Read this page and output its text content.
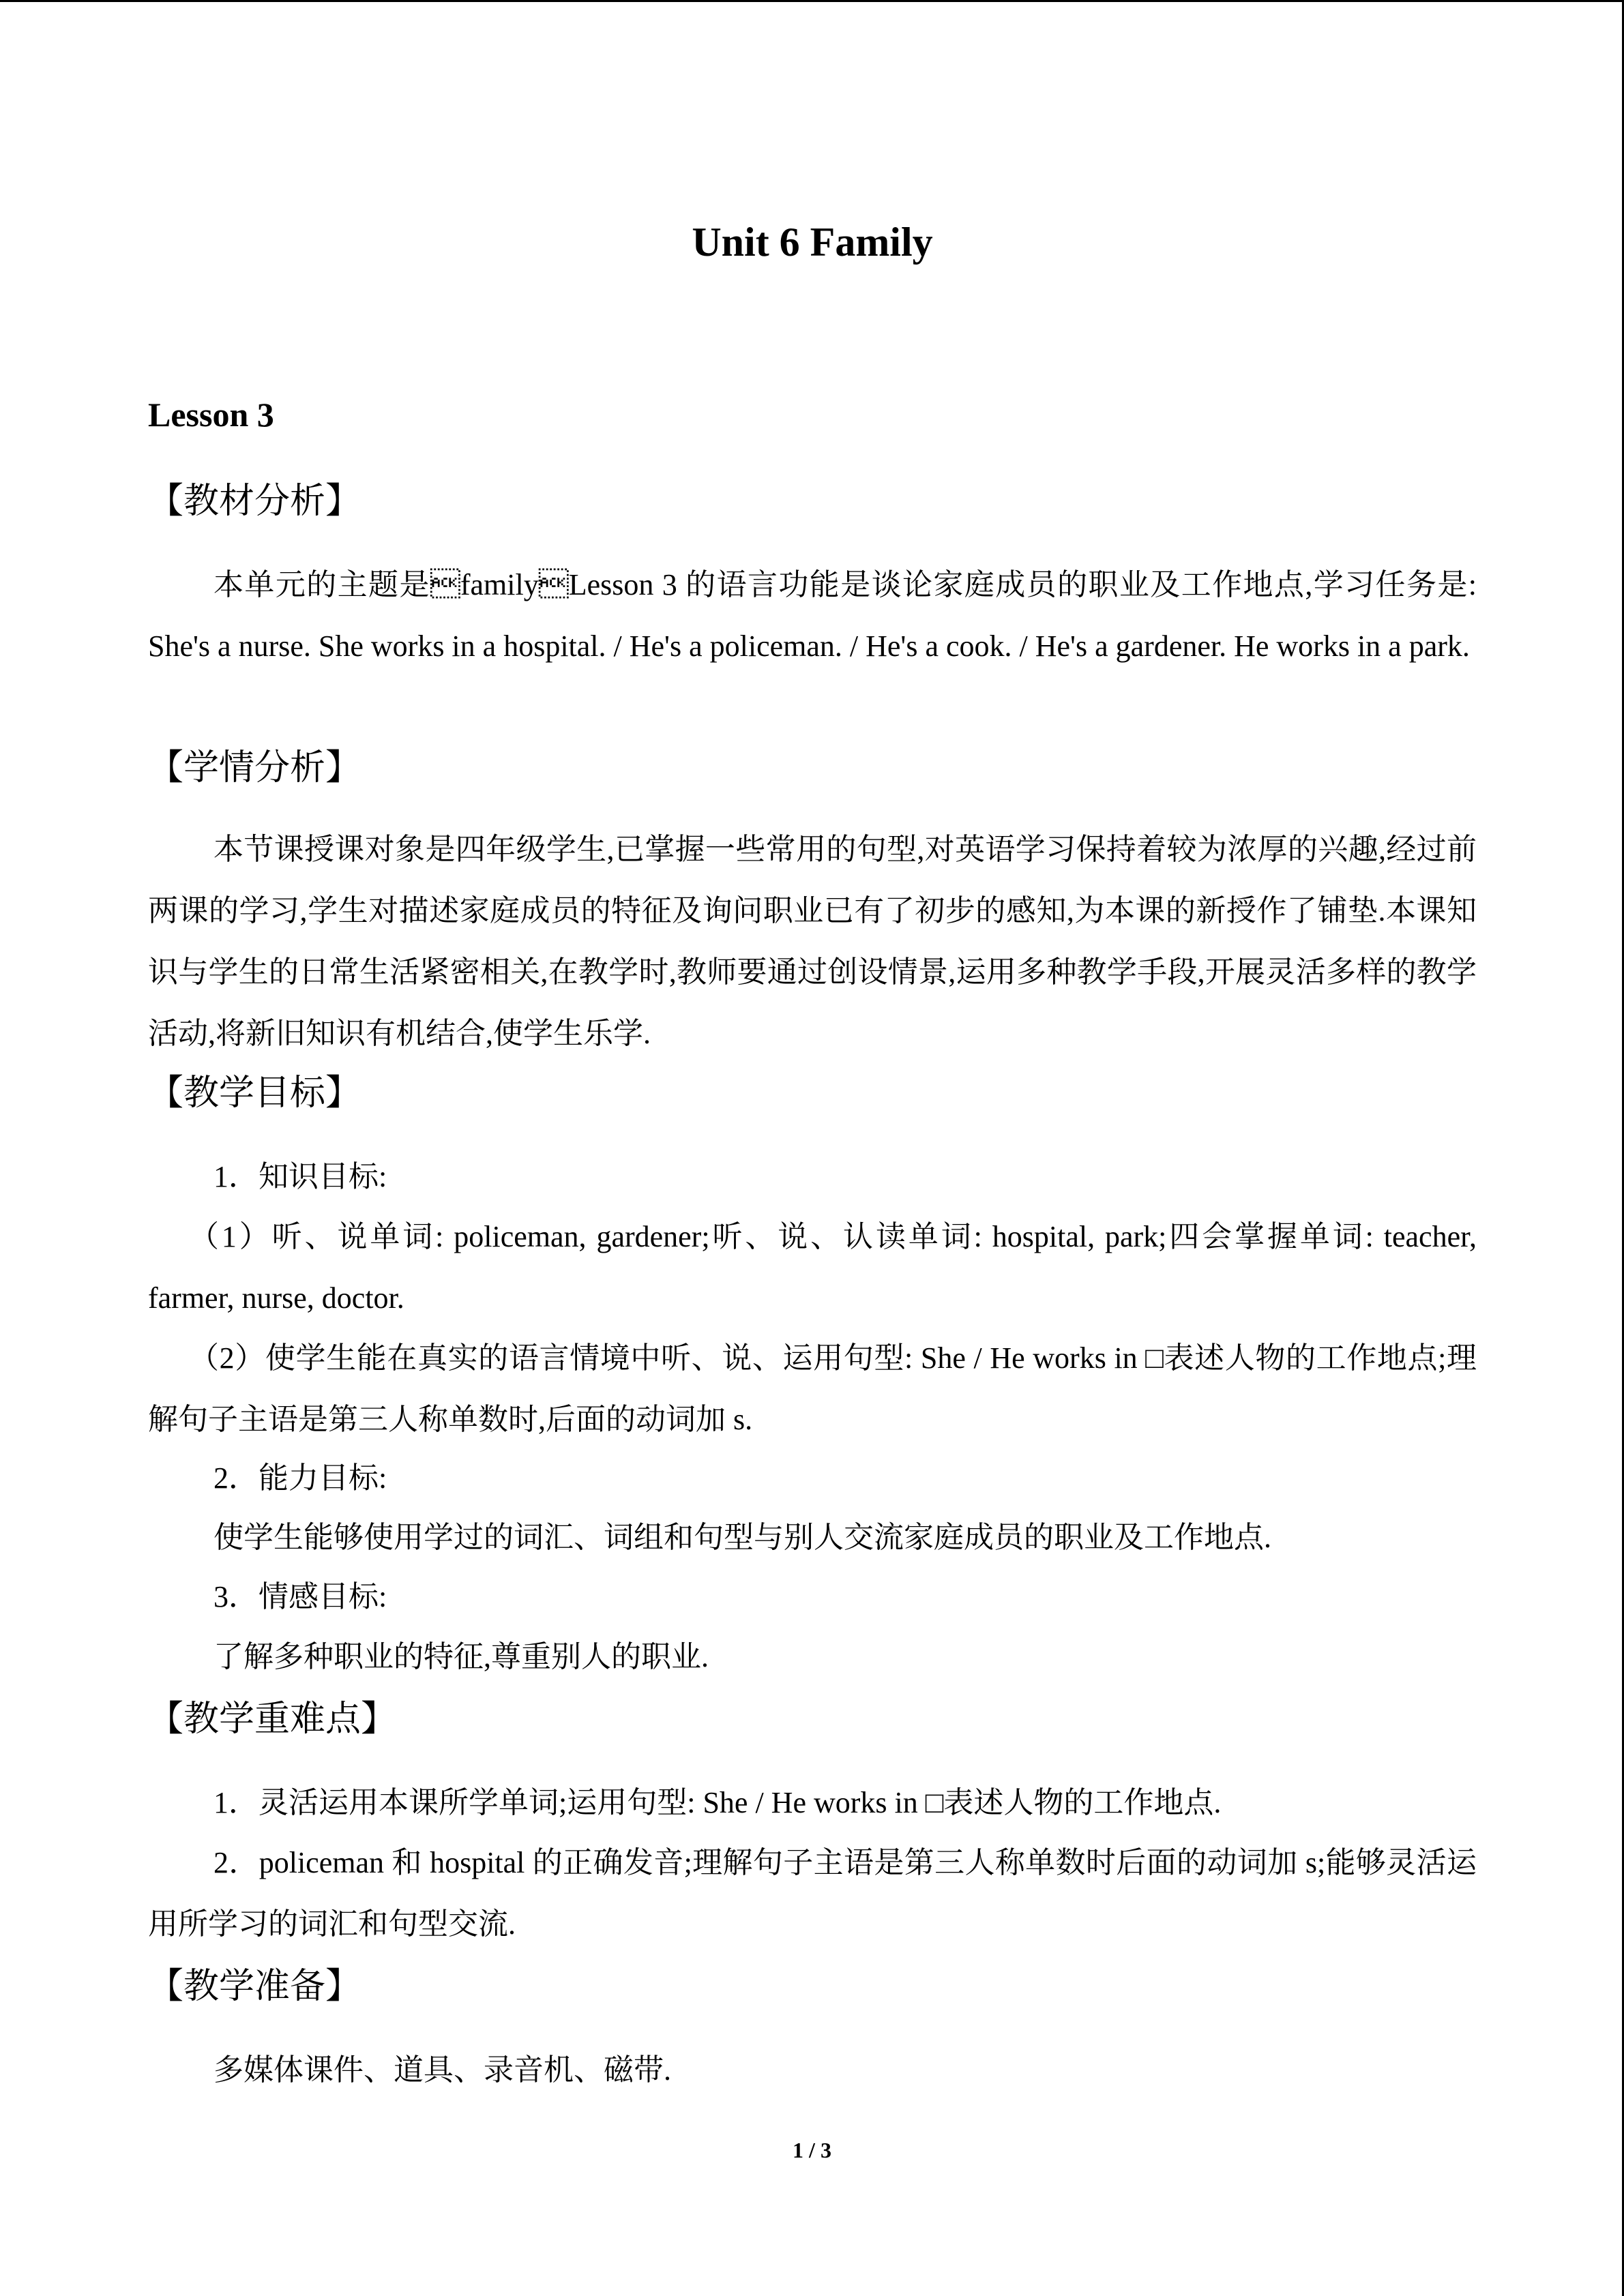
Unit 6 Family
Lesson 3
【教材分析】
本单元的主题是familyLesson 3 的语言功能是谈论家庭成员的职业及工作地点,学习任务是: She's a nurse. She works in a hospital. / He's a policeman. / He's a cook. / He's a gardener. He works in a park.
【学情分析】
本节课授课对象是四年级学生,已掌握一些常用的句型,对英语学习保持着较为浓厚的兴趣,经过前两课的学习,学生对描述家庭成员的特征及询问职业已有了初步的感知,为本课的新授作了铺垫.本课知识与学生的日常生活紧密相关,在教学时,教师要通过创设情景,运用多种教学手段,开展灵活多样的教学活动,将新旧知识有机结合,使学生乐学.
【教学目标】
1．知识目标:
（1）听、说单词: policeman, gardener;听、说、认读单词: hospital, park;四会掌握单词: teacher, farmer, nurse, doctor.
（2）使学生能在真实的语言情境中听、说、运用句型: She / He works in □表述人物的工作地点;理解句子主语是第三人称单数时,后面的动词加 s.
2．能力目标:
使学生能够使用学过的词汇、词组和句型与别人交流家庭成员的职业及工作地点.
3．情感目标:
了解多种职业的特征,尊重别人的职业.
【教学重难点】
1．灵活运用本课所学单词;运用句型: She / He works in □表述人物的工作地点.
2．policeman 和 hospital 的正确发音;理解句子主语是第三人称单数时后面的动词加 s;能够灵活运用所学习的词汇和句型交流.
【教学准备】
多媒体课件、道具、录音机、磁带.
1 / 3
